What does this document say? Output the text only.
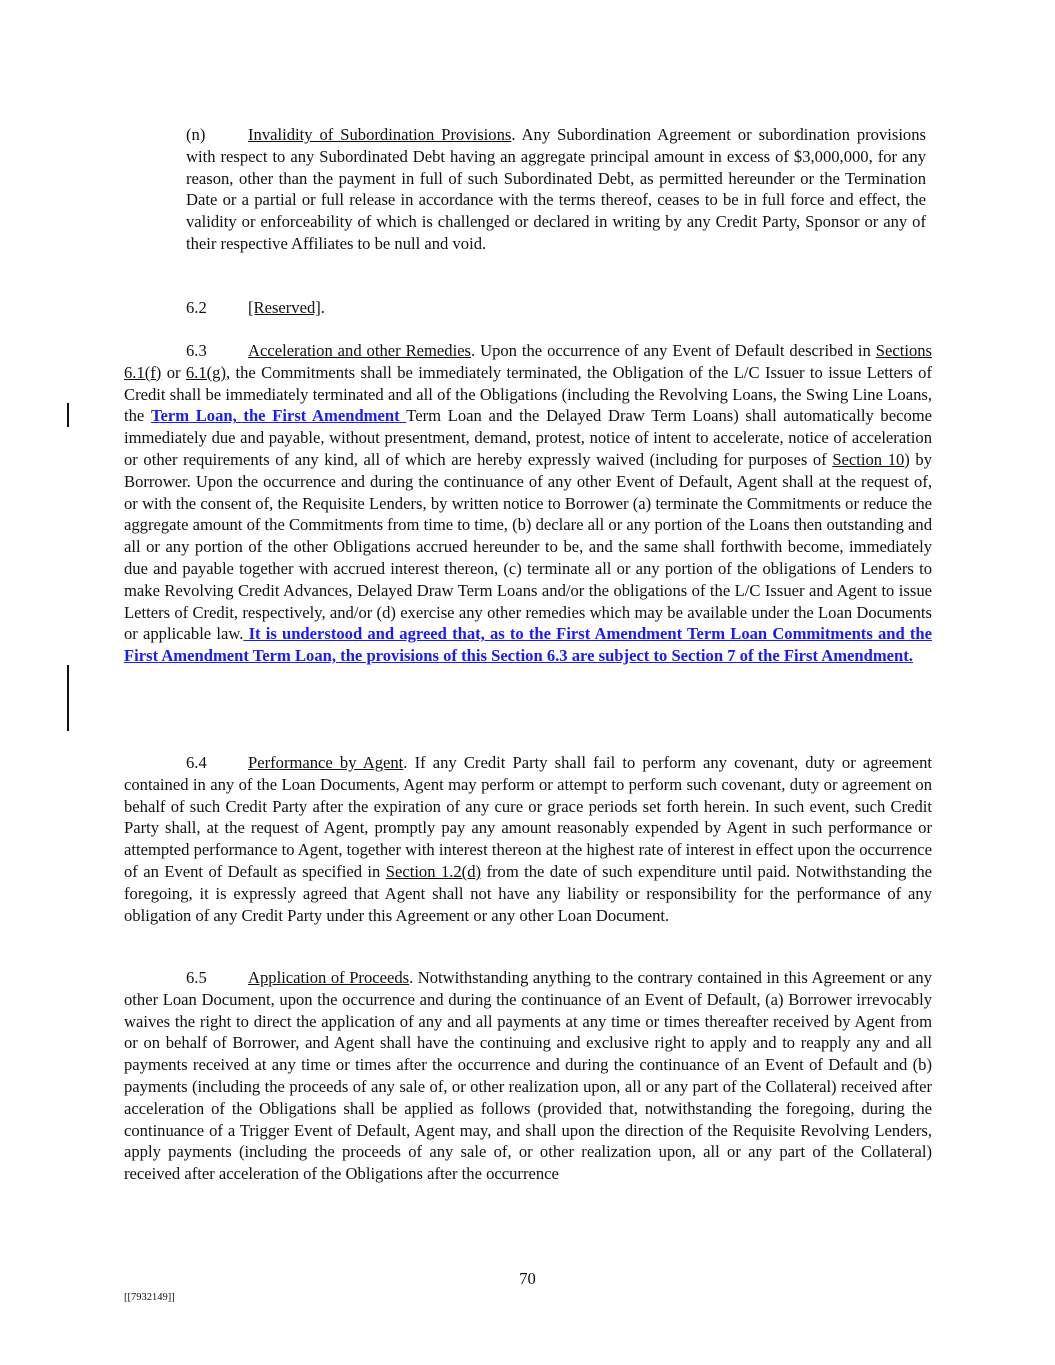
(n)	Invalidity of Subordination Provisions. Any Subordination Agreement or subordination provisions with respect to any Subordinated Debt having an aggregate principal amount in excess of $3,000,000, for any reason, other than the payment in full of such Subordinated Debt, as permitted hereunder or the Termination Date or a partial or full release in accordance with the terms thereof, ceases to be in full force and effect, the validity or enforceability of which is challenged or declared in writing by any Credit Party, Sponsor or any of their respective Affiliates to be null and void.

6.2 [Reserved].

6.3 Acceleration and other Remedies. Upon the occurrence of any Event of Default described in Sections 6.1(f) or 6.1(g), the Commitments shall be immediately terminated, the Obligation of the L/C Issuer to issue Letters of Credit shall be immediately terminated and all of the Obligations (including the Revolving Loans, the Swing Line Loans, the Term Loan, the First Amendment Term Loan and the Delayed Draw Term Loans) shall automatically become immediately due and payable, without presentment, demand, protest, notice of intent to accelerate, notice of acceleration or other requirements of any kind, all of which are hereby expressly waived (including for purposes of Section 10) by Borrower. Upon the occurrence and during the continuance of any other Event of Default, Agent shall at the request of, or with the consent of, the Requisite Lenders, by written notice to Borrower (a) terminate the Commitments or reduce the aggregate amount of the Commitments from time to time, (b) declare all or any portion of the Loans then outstanding and all or any portion of the other Obligations accrued hereunder to be, and the same shall forthwith become, immediately due and payable together with accrued interest thereon, (c) terminate all or any portion of the obligations of Lenders to make Revolving Credit Advances, Delayed Draw Term Loans and/or the obligations of the L/C Issuer and Agent to issue Letters of Credit, respectively, and/or (d) exercise any other remedies which may be available under the Loan Documents or applicable law. It is understood and agreed that, as to the First Amendment Term Loan Commitments and the First Amendment Term Loan, the provisions of this Section 6.3 are subject to Section 7 of the First Amendment.

6.4 Performance by Agent. If any Credit Party shall fail to perform any covenant, duty or agreement contained in any of the Loan Documents, Agent may perform or attempt to perform such covenant, duty or agreement on behalf of such Credit Party after the expiration of any cure or grace periods set forth herein. In such event, such Credit Party shall, at the request of Agent, promptly pay any amount reasonably expended by Agent in such performance or attempted performance to Agent, together with interest thereon at the highest rate of interest in effect upon the occurrence of an Event of Default as specified in Section 1.2(d) from the date of such expenditure until paid. Notwithstanding the foregoing, it is expressly agreed that Agent shall not have any liability or responsibility for the performance of any obligation of any Credit Party under this Agreement or any other Loan Document.

6.5 Application of Proceeds. Notwithstanding anything to the contrary contained in this Agreement or any other Loan Document, upon the occurrence and during the continuance of an Event of Default, (a) Borrower irrevocably waives the right to direct the application of any and all payments at any time or times thereafter received by Agent from or on behalf of Borrower, and Agent shall have the continuing and exclusive right to apply and to reapply any and all payments received at any time or times after the occurrence and during the continuance of an Event of Default and (b) payments (including the proceeds of any sale of, or other realization upon, all or any part of the Collateral) received after acceleration of the Obligations shall be applied as follows (provided that, notwithstanding the foregoing, during the continuance of a Trigger Event of Default, Agent may, and shall upon the direction of the Requisite Revolving Lenders, apply payments (including the proceeds of any sale of, or other realization upon, all or any part of the Collateral) received after acceleration of the Obligations after the occurrence

70
[[7932149]]
